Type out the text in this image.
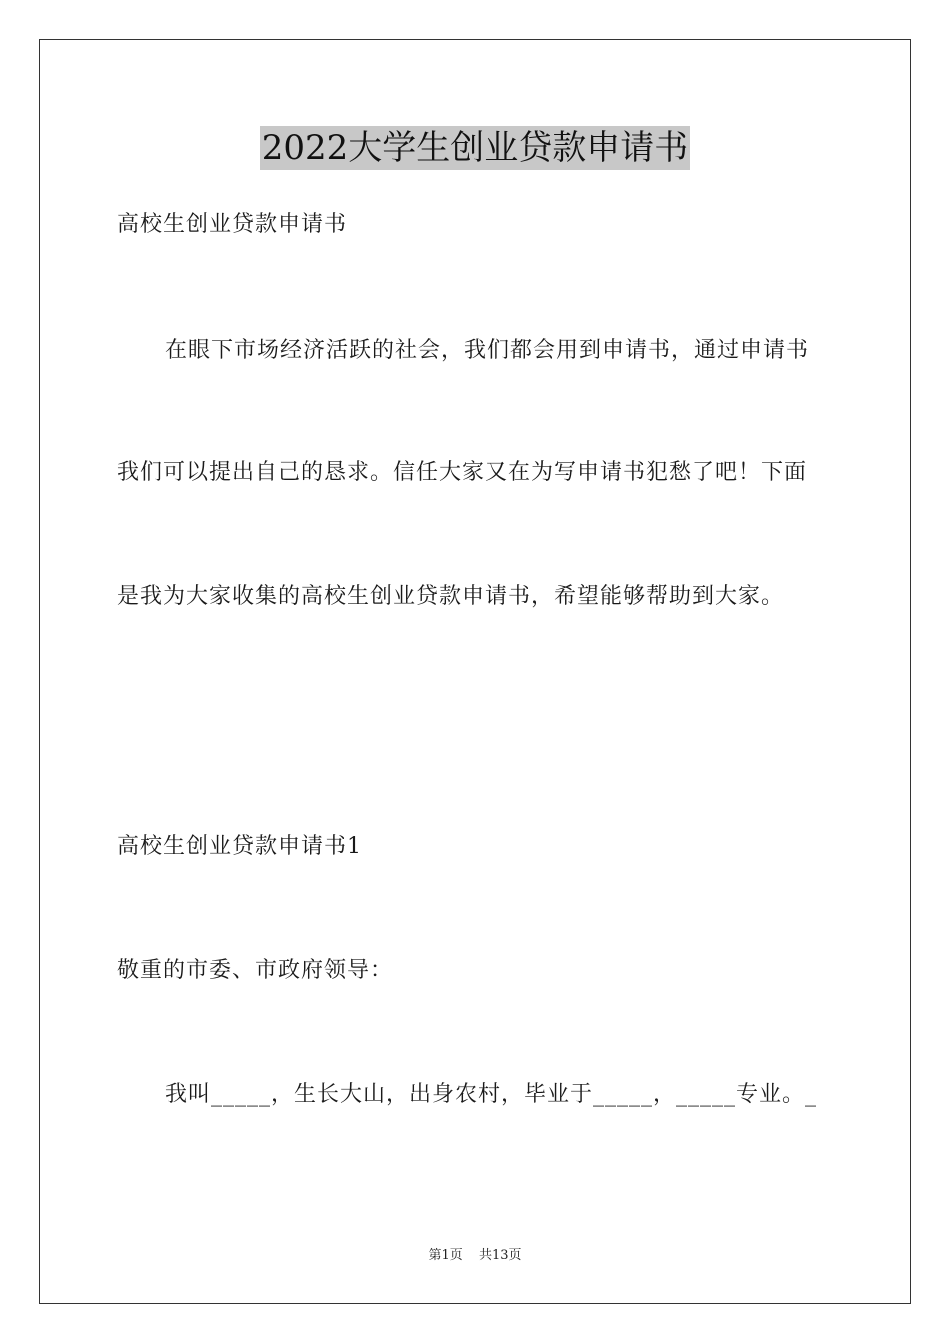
2022大学生创业贷款申请书
高校生创业贷款申请书
在眼下市场经济活跃的社会，我们都会用到申请书，通过申请书
我们可以提出自己的恳求。信任大家又在为写申请书犯愁了吧！下面
是我为大家收集的高校生创业贷款申请书，希望能够帮助到大家。
高校生创业贷款申请书1
敬重的市委、市政府领导：
我叫_____，生长大山，出身农村，毕业于_____，_____专业。_
第1页 共13页
